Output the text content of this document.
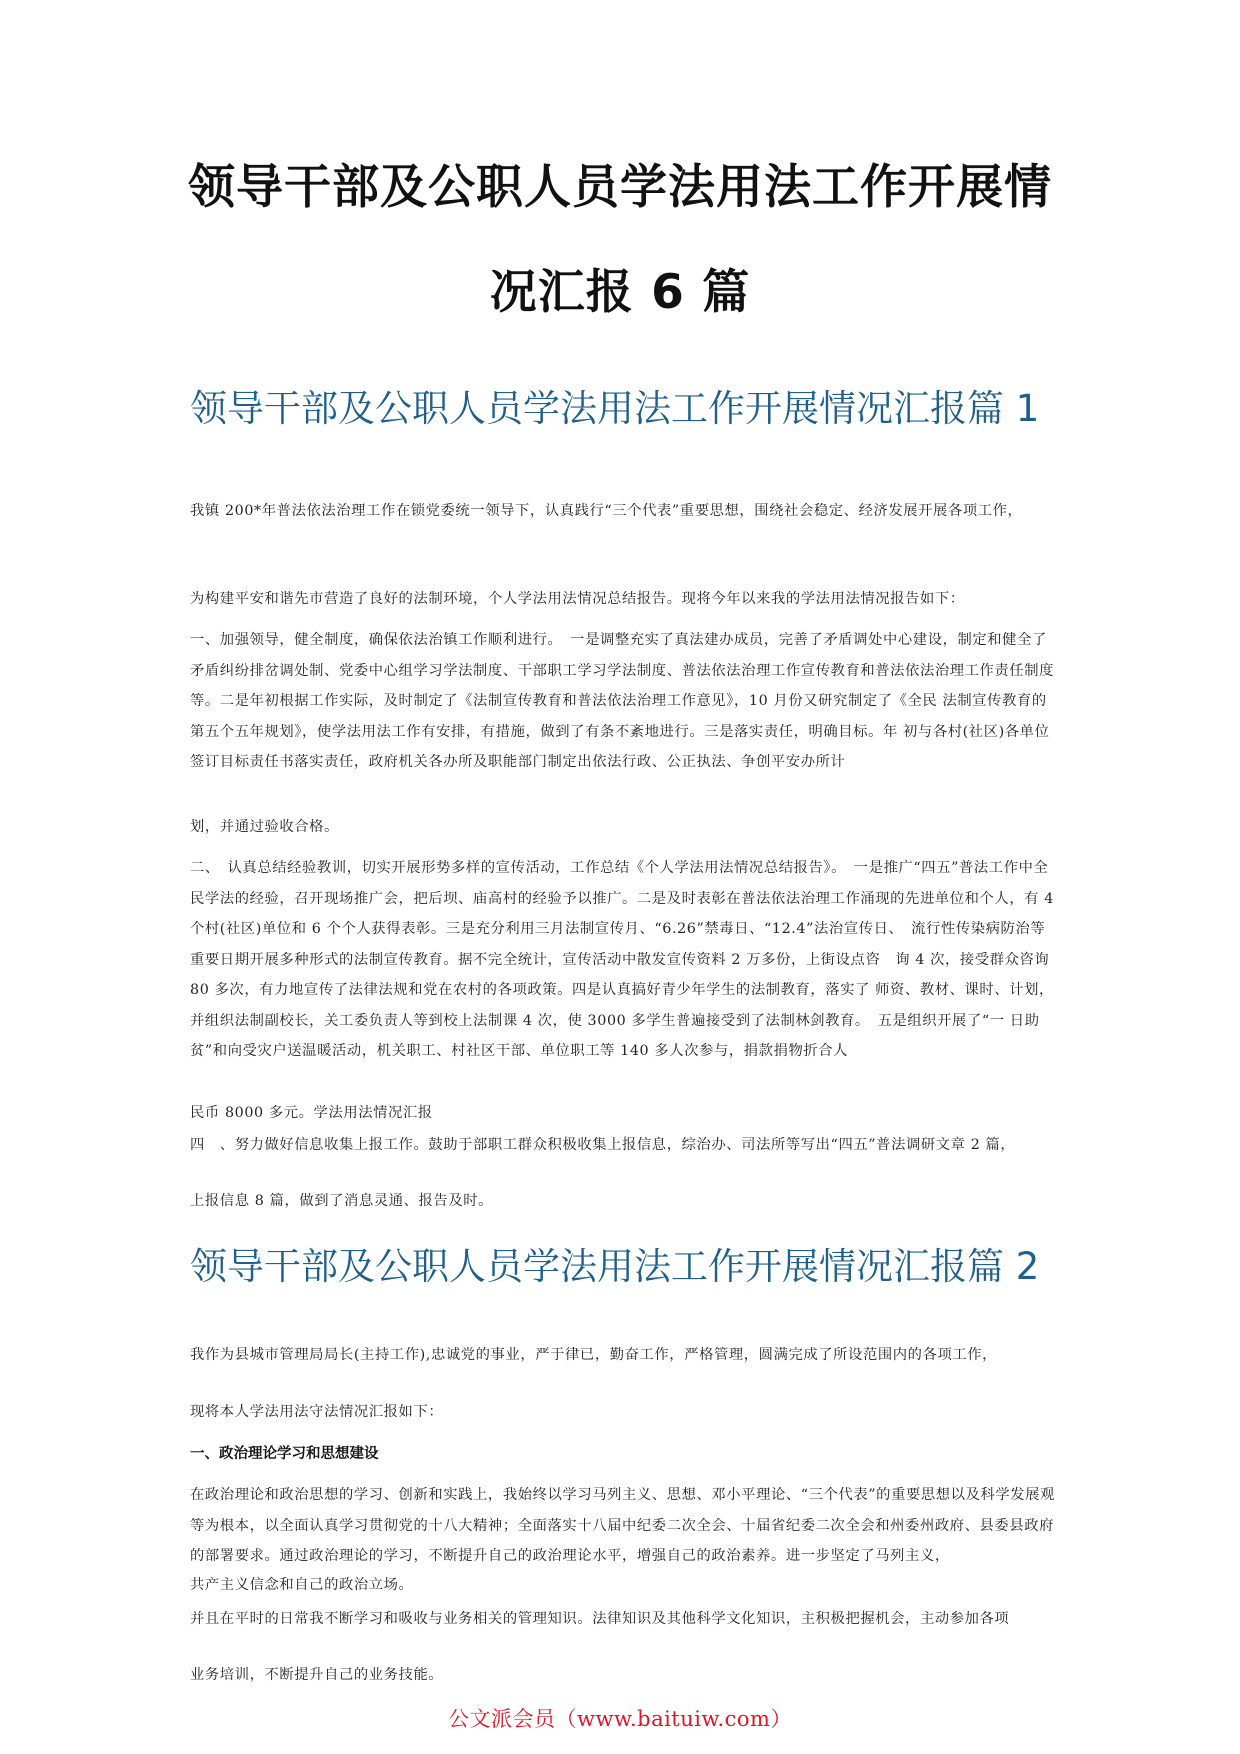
领导干部及公职人员学法用法工作开展情
况汇报 6 篇
领导干部及公职人员学法用法工作开展情况汇报篇 1

我镇 200*年普法依法治理工作在锁党委统一领导下，认真践行“三个代表”重要思想，围绕社会稳定、经济发展开展各项工作，

为构建平安和谐先市营造了良好的法制环境，个人学法用法情况总结报告。现将今年以来我的学法用法情况报告如下：

一、加强领导，健全制度，确保依法治镇工作顺利进行。　一是调整充实了真法建办成员，完善了矛盾调处中心建设，制定和健全了矛盾纠纷排岔调处制、党委中心组学习学法制度、干部职工学习学法制度、普法依法治理工作宣传教育和普法依法治理工作责任制度等。二是年初根据工作实际，及时制定了《法制宣传教育和普法依法治理工作意见》，10 月份又研究制定了《全民 法制宣传教育的第五个五年规划》，使学法用法工作有安排，有措施，做到了有条不紊地进行。三是落实责任，明确目标。年 初与各村(社区)各单位签订目标责任书落实责任，政府机关各办所及职能部门制定出依法行政、公正执法、争创平安办所计

划，并通过验收合格。

二、　认真总结经验教训，切实开展形势多样的宣传活动，工作总结《个人学法用法情况总结报告》。　一是推广“四五”普法工作中全民学法的经验，召开现场推广会，把后坝、庙高村的经验予以推广。二是及时表彰在普法依法治理工作涌现的先进单位和个人，有 4 个村(社区)单位和 6 个个人获得表彰。三是充分利用三月法制宣传月、“6.26”禁毒日、“12.4”法治宣传日、　流行性传染病防治等重要日期开展多种形式的法制宣传教育。据不完全统计，宣传活动中散发宣传资料 2 万多份，上街设点咨　询 4 次，接受群众咨询 80 多次，有力地宣传了法律法规和党在农村的各项政策。四是认真搞好青少年学生的法制教育，落实了 师资、教材、课时、计划，并组织法制副校长，关工委负责人等到校上法制课 4 次，使 3000 多学生普遍接受到了法制林剑教育。　五是组织开展了“一 日助贫”和向受灾户送温暖活动，机关职工、村社区干部、单位职工等 140 多人次参与，捐款捐物折合人

民币 8000 多元。学法用法情况汇报

四　、努力做好信息收集上报工作。鼓助于部职工群众积极收集上报信息，综治办、司法所等写出“四五”普法调研文章 2 篇，

上报信息 8 篇，做到了消息灵通、报告及时。

领导干部及公职人员学法用法工作开展情况汇报篇 2

我作为县城市管理局局长(主持工作),忠诚党的事业，严于律已，勤奋工作，严格管理，圆满完成了所设范围内的各项工作，

现将本人学法用法守法情况汇报如下：

一、政治理论学习和思想建设

在政治理论和政治思想的学习、创新和实践上，我始终以学习马列主义、思想、邓小平理论、“三个代表”的重要思想以及科学发展观等为根本，以全面认真学习贯彻党的十八大精神；全面落实十八届中纪委二次全会、十届省纪委二次全会和州委州政府、县委县政府的部署要求。通过政治理论的学习，不断提升自己的政治理论水平，增强自己的政治素养。进一步坚定了马列主义，

共产主义信念和自己的政治立场。

并且在平时的日常我不断学习和吸收与业务相关的管理知识。法律知识及其他科学文化知识，主积极把握机会，主动参加各项

业务培训，不断提升自己的业务技能。

公文派会员（www.baituiw.com）
